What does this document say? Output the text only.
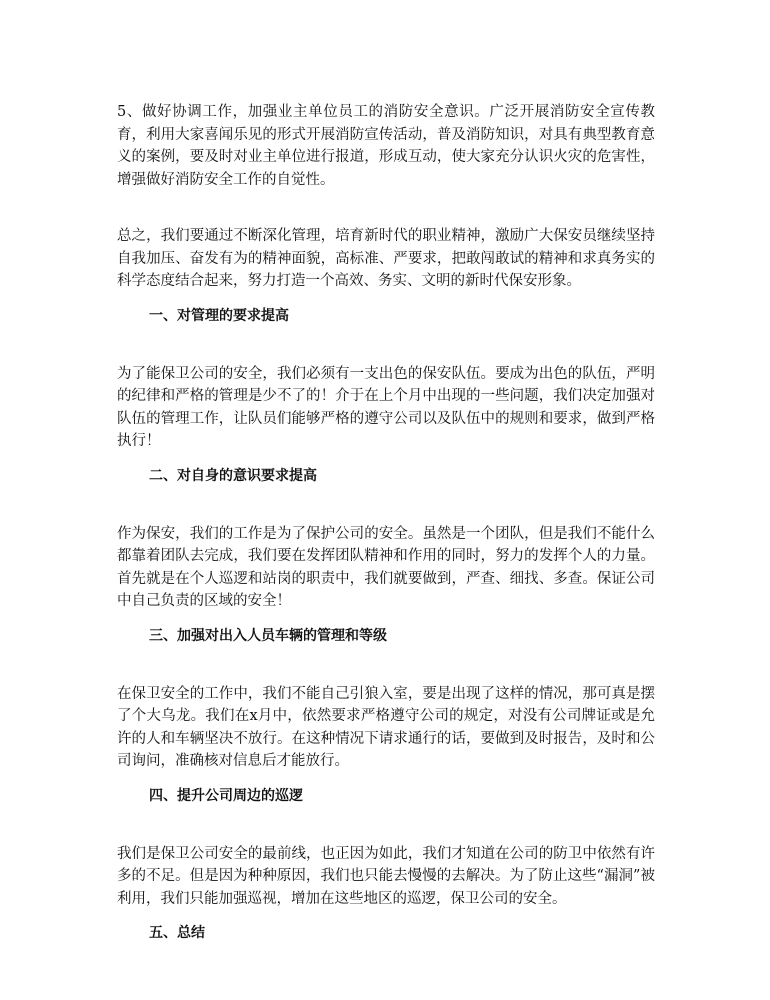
5、做好协调工作，加强业主单位员工的消防安全意识。广泛开展消防安全宣传教育，利用大家喜闻乐见的形式开展消防宣传活动，普及消防知识，对具有典型教育意义的案例，要及时对业主单位进行报道，形成互动，使大家充分认识火灾的危害性，增强做好消防安全工作的自觉性。

总之，我们要通过不断深化管理，培育新时代的职业精神，激励广大保安员继续坚持自我加压、奋发有为的精神面貌，高标准、严要求，把敢闯敢试的精神和求真务实的科学态度结合起来，努力打造一个高效、务实、文明的新时代保安形象。

一、对管理的要求提高

为了能保卫公司的安全，我们必须有一支出色的保安队伍。要成为出色的队伍，严明的纪律和严格的管理是少不了的！介于在上个月中出现的一些问题，我们决定加强对队伍的管理工作，让队员们能够严格的遵守公司以及队伍中的规则和要求，做到严格执行！

二、对自身的意识要求提高

作为保安，我们的工作是为了保护公司的安全。虽然是一个团队，但是我们不能什么都靠着团队去完成，我们要在发挥团队精神和作用的同时，努力的发挥个人的力量。首先就是在个人巡逻和站岗的职责中，我们就要做到，严查、细找、多查。保证公司中自己负责的区域的安全！

三、加强对出入人员车辆的管理和等级

在保卫安全的工作中，我们不能自己引狼入室，要是出现了这样的情况，那可真是摆了个大乌龙。我们在x月中，依然要求严格遵守公司的规定，对没有公司牌证或是允许的人和车辆坚决不放行。在这种情况下请求通行的话，要做到及时报告，及时和公司询问，准确核对信息后才能放行。

四、提升公司周边的巡逻

我们是保卫公司安全的最前线，也正因为如此，我们才知道在公司的防卫中依然有许多的不足。但是因为种种原因，我们也只能去慢慢的去解决。为了防止这些“漏洞”被利用，我们只能加强巡视，增加在这些地区的巡逻，保卫公司的安全。

五、总结
